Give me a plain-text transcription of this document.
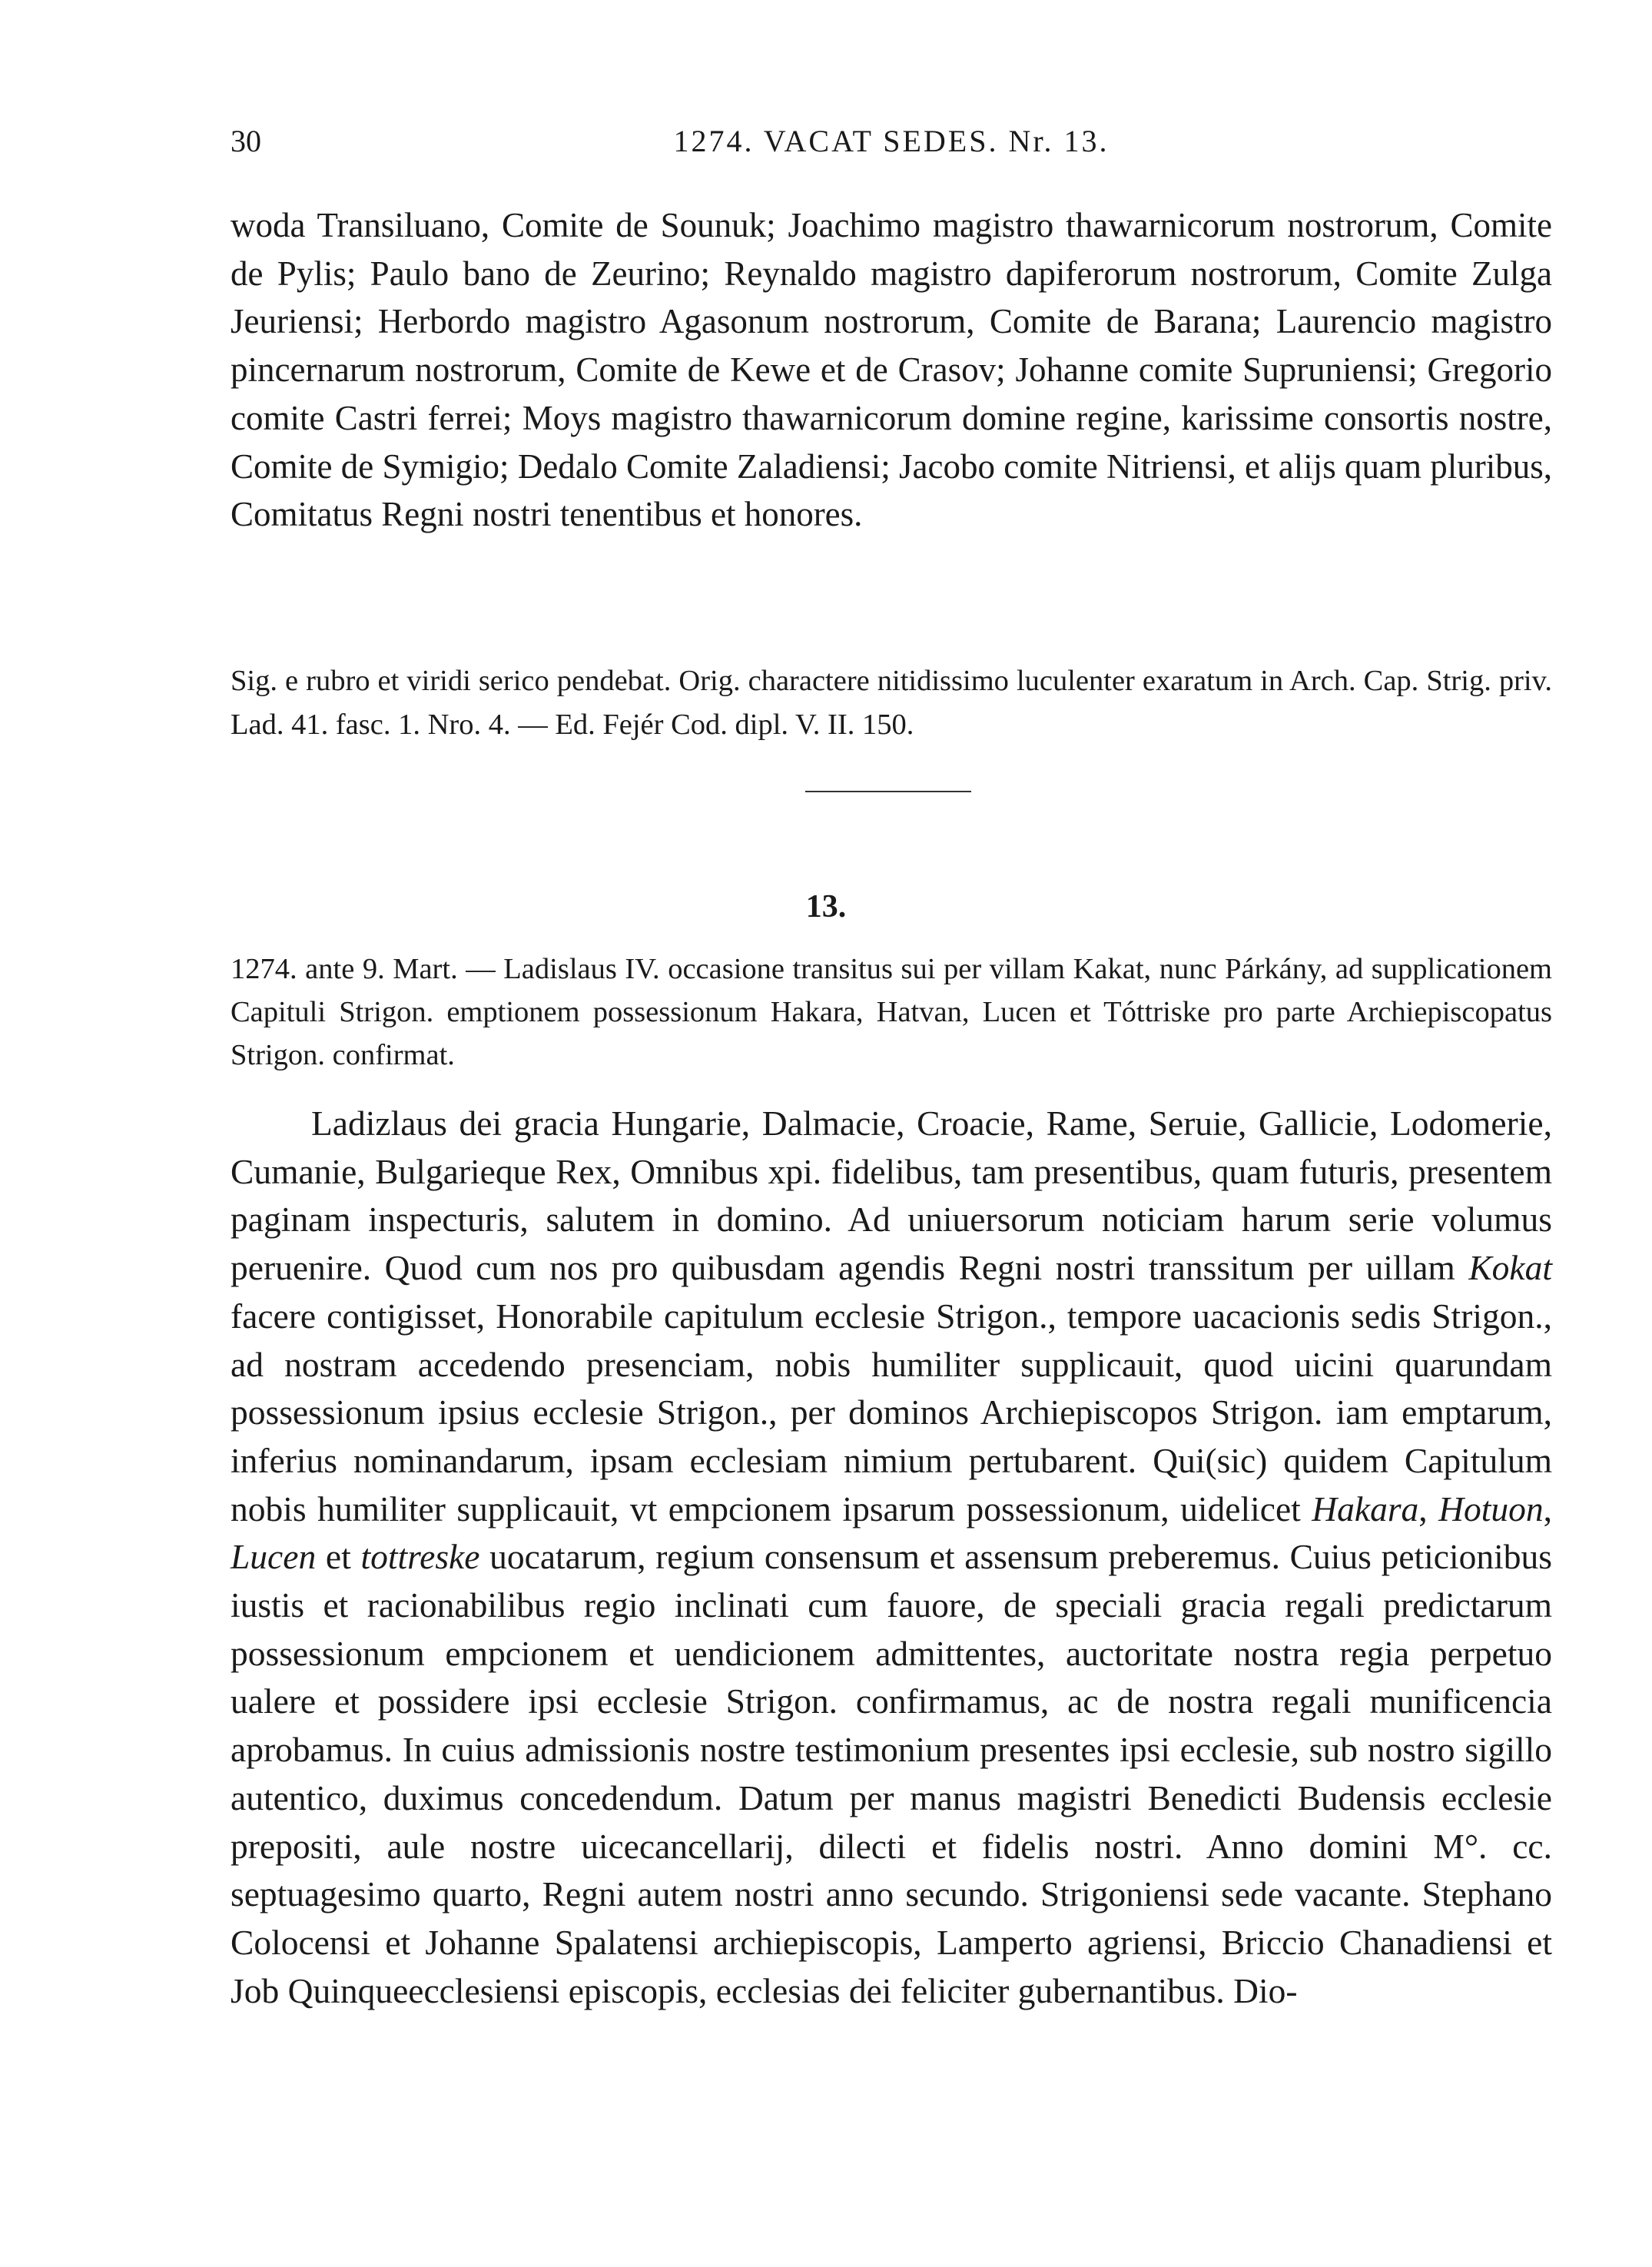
30	1274. VACAT SEDES. Nr. 13.

woda Transiluano, Comite de Sounuk; Joachimo magistro thawarnicorum nostrorum, Comite de Pylis; Paulo bano de Zeurino; Reynaldo magistro dapiferorum nostrorum, Comite Zulga Jeuriensi; Herbordo magistro Agasonum nostrorum, Comite de Barana; Laurencio magistro pincernarum nostrorum, Comite de Kewe et de Crasov; Johanne comite Supruniensi; Gregorio comite Castri ferrei; Moys magistro thawarnicorum domine regine, karissime consortis nostre, Comite de Symigio; Dedalo Comite Zaladiensi; Jacobo comite Nitriensi, et alijs quam pluribus, Comitatus Regni nostri tenentibus et honores.

Sig. e rubro et viridi serico pendebat. Orig. charactere nitidissimo luculenter exaratum in Arch. Cap. Strig. priv. Lad. 41. fasc. 1. Nro. 4. — Ed. Fejér Cod. dipl. V. II. 150.

13.

1274. ante 9. Mart. — Ladislaus IV. occasione transitus sui per villam Kakat, nunc Párkány, ad supplicationem Capituli Strigon. emptionem possessionum Hakara, Hatvan, Lucen et Tóttriske pro parte Archiepiscopatus Strigon. confirmat.

Ladizlaus dei gracia Hungarie, Dalmacie, Croacie, Rame, Seruie, Gallicie, Lodomerie, Cumanie, Bulgarieque Rex, Omnibus xpi. fidelibus, tam presentibus, quam futuris, presentem paginam inspecturis, salutem in domino. Ad uniuersorum noticiam harum serie volumus peruenire. Quod cum nos pro quibusdam agendis Regni nostri transsitum per uillam Kokat facere contigisset, Honorabile capitulum ecclesie Strigon., tempore uacacionis sedis Strigon., ad nostram accedendo presenciam, nobis humiliter supplicauit, quod uicini quarundam possessionum ipsius ecclesie Strigon., per dominos Archiepiscopos Strigon. iam emptarum, inferius nominandarum, ipsam ecclesiam nimium pertubarent. Qui(sic) quidem Capitulum nobis humiliter supplicauit, vt empcionem ipsarum possessionum, uidelicet Hakara, Hotuon, Lucen et tottreske uocatarum, regium consensum et assensum preberemus. Cuius peticionibus iustis et racionabilibus regio inclinati cum fauore, de speciali gracia regali predictarum possessionum empcionem et uendicionem admittentes, auctoritate nostra regia perpetuo ualere et possidere ipsi ecclesie Strigon. confirmamus, ac de nostra regali munificencia aprobamus. In cuius admissionis nostre testimonium presentes ipsi ecclesie, sub nostro sigillo autentico, duximus concedendum. Datum per manus magistri Benedicti Budensis ecclesie prepositi, aule nostre uicecancellarij, dilecti et fidelis nostri. Anno domini M°. cc. septuagesimo quarto, Regni autem nostri anno secundo. Strigoniensi sede vacante. Stephano Colocensi et Johanne Spalatensi archiepiscopis, Lamperto agriensi, Briccio Chanadiensi et Job Quinqueecclesiensi episcopis, ecclesias dei feliciter gubernantibus. Dio-
